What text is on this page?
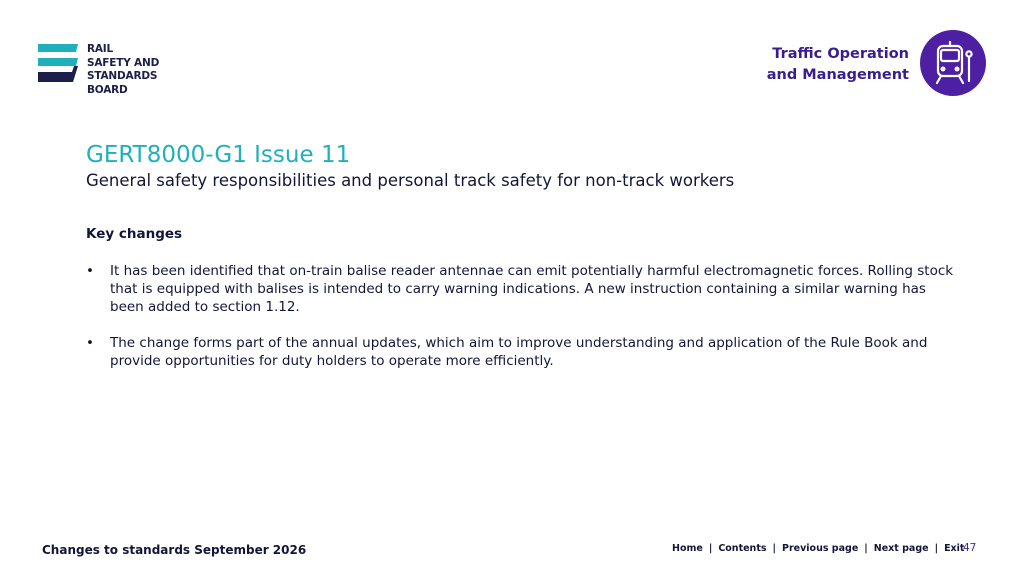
RAIL
SAFETY AND
STANDARDS
BOARD

Traffic Operation
and Management

GERT8000-G1 Issue 11
General safety responsibilities and personal track safety for non-track workers
Key changes
• It has been identified that on-train balise reader antennae can emit potentially harmful electromagnetic forces. Rolling stock that is equipped with balises is intended to carry warning indications. A new instruction containing a similar warning has been added to section 1.12.
• The change forms part of the annual updates, which aim to improve understanding and application of the Rule Book and provide opportunities for duty holders to operate more efficiently.

Changes to standards September 2026	Home | Contents | Previous page | Next page | Exit
47
